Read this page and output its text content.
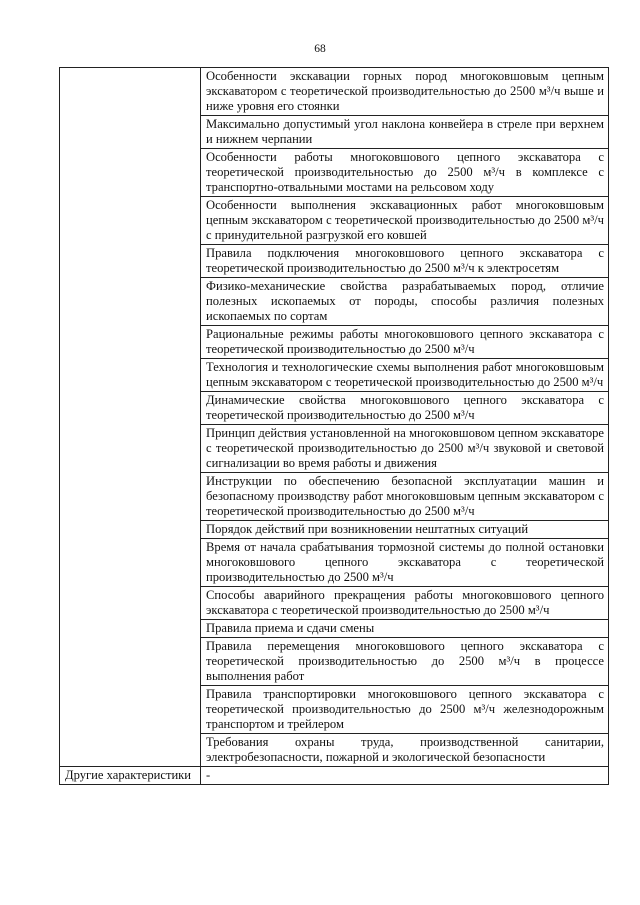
68
	Особенности экскавации горных пород многоковшовым цепным экскаватором с теоретической производительностью до 2500 м³/ч выше и ниже уровня его стоянки
	Максимально допустимый угол наклона конвейера в стреле при верхнем и нижнем черпании
	Особенности работы многоковшового цепного экскаватора с теоретической производительностью до 2500 м³/ч в комплексе с транспортно-отвальными мостами на рельсовом ходу
	Особенности выполнения экскавационных работ многоковшовым цепным экскаватором с теоретической производительностью до 2500 м³/ч с принудительной разгрузкой его ковшей
	Правила подключения многоковшового цепного экскаватора с теоретической производительностью до 2500 м³/ч к электросетям
	Физико-механические свойства разрабатываемых пород, отличие полезных ископаемых от породы, способы различия полезных ископаемых по сортам
	Рациональные режимы работы многоковшового цепного экскаватора с теоретической производительностью до 2500 м³/ч
	Технология и технологические схемы выполнения работ многоковшовым цепным экскаватором с теоретической производительностью до 2500 м³/ч
	Динамические свойства многоковшового цепного экскаватора с теоретической производительностью до 2500 м³/ч
	Принцип действия установленной на многоковшовом цепном экскаваторе с теоретической производительностью до 2500 м³/ч звуковой и световой сигнализации во время работы и движения
	Инструкции по обеспечению безопасной эксплуатации машин и безопасному производству работ многоковшовым цепным экскаватором с теоретической производительностью до 2500 м³/ч
	Порядок действий при возникновении нештатных ситуаций
	Время от начала срабатывания тормозной системы до полной остановки многоковшового цепного экскаватора с теоретической производительностью до 2500 м³/ч
	Способы аварийного прекращения работы многоковшового цепного экскаватора с теоретической производительностью до 2500 м³/ч
	Правила приема и сдачи смены
	Правила перемещения многоковшового цепного экскаватора с теоретической производительностью до 2500 м³/ч в процессе выполнения работ
	Правила транспортировки многоковшового цепного экскаватора с теоретической производительностью до 2500 м³/ч железнодорожным транспортом и трейлером
	Требования охраны труда, производственной санитарии, электробезопасности, пожарной и экологической безопасности
Другие характеристики	-
